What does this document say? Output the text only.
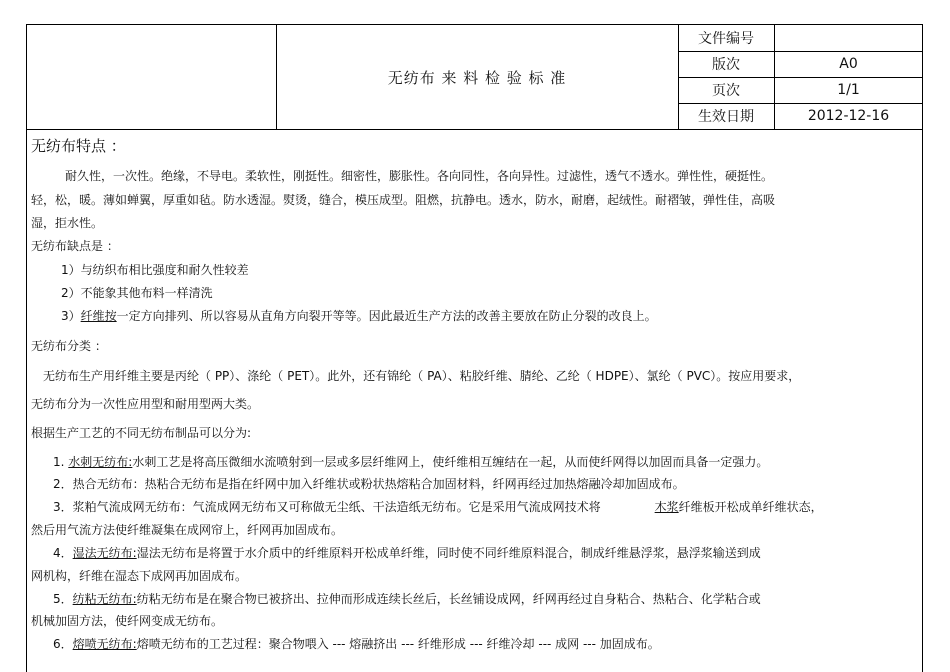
无纺布 来 料 检 验 标 准
文件编号
版次	A0
页次	1/1
生效日期	2012-12-16
无纺布特点 ：
耐久性，一次性。绝缘，不导电。柔软性，刚挺性。细密性，膨胀性。各向同性，各向异性。过滤性，透气不透水。弹性性，硬挺性。
轻，松，暖。薄如蝉翼，厚重如毡。防水透湿。熨烫，缝合，模压成型。阻燃，抗静电。透水，防水，耐磨，起绒性。耐褶皱，弹性佳，高吸
湿，拒水性。
无纺布缺点是 ：
1）与纺织布相比强度和耐久性较差
2）不能象其他布料一样清洗
3）纤维按一定方向排列、所以容易从直角方向裂开等等。因此最近生产方法的改善主要放在防止分裂的改良上。
无纺布分类 ：
无纺布生产用纤维主要是丙纶（ PP）、涤纶（ PET）。此外，还有锦纶（ PA）、粘胶纤维、腈纶、乙纶（ HDPE）、氯纶（ PVC）。按应用要求，
无纺布分为一次性应用型和耐用型两大类。
根据生产工艺的不同无纺布制品可以分为:
1. 水刺无纺布:水刺工艺是将高压微细水流喷射到一层或多层纤维网上，使纤维相互缠结在一起，从而使纤网得以加固而具备一定强力。
2．热合无纺布：热粘合无纺布是指在纤网中加入纤维状或粉状热熔粘合加固材料，纤网再经过加热熔融冷却加固成布。
3．浆粕气流成网无纺布：气流成网无纺布又可称做无尘纸、干法造纸无纺布。它是采用气流成网技术将	木浆纤维板开松成单纤维状态，
然后用气流方法使纤维凝集在成网帘上，纤网再加固成布。
4．湿法无纺布:湿法无纺布是将置于水介质中的纤维原料开松成单纤维，同时使不同纤维原料混合，制成纤维悬浮浆，悬浮浆输送到成
网机构，纤维在湿态下成网再加固成布。
5．纺粘无纺布:纺粘无纺布是在聚合物已被挤出、拉伸而形成连续长丝后，长丝铺设成网，纤网再经过自身粘合、热粘合、化学粘合或
机械加固方法，使纤网变成无纺布。
6．熔喷无纺布:熔喷无纺布的工艺过程：聚合物喂入 --- 熔融挤出 --- 纤维形成 --- 纤维冷却 --- 成网 --- 加固成布。
